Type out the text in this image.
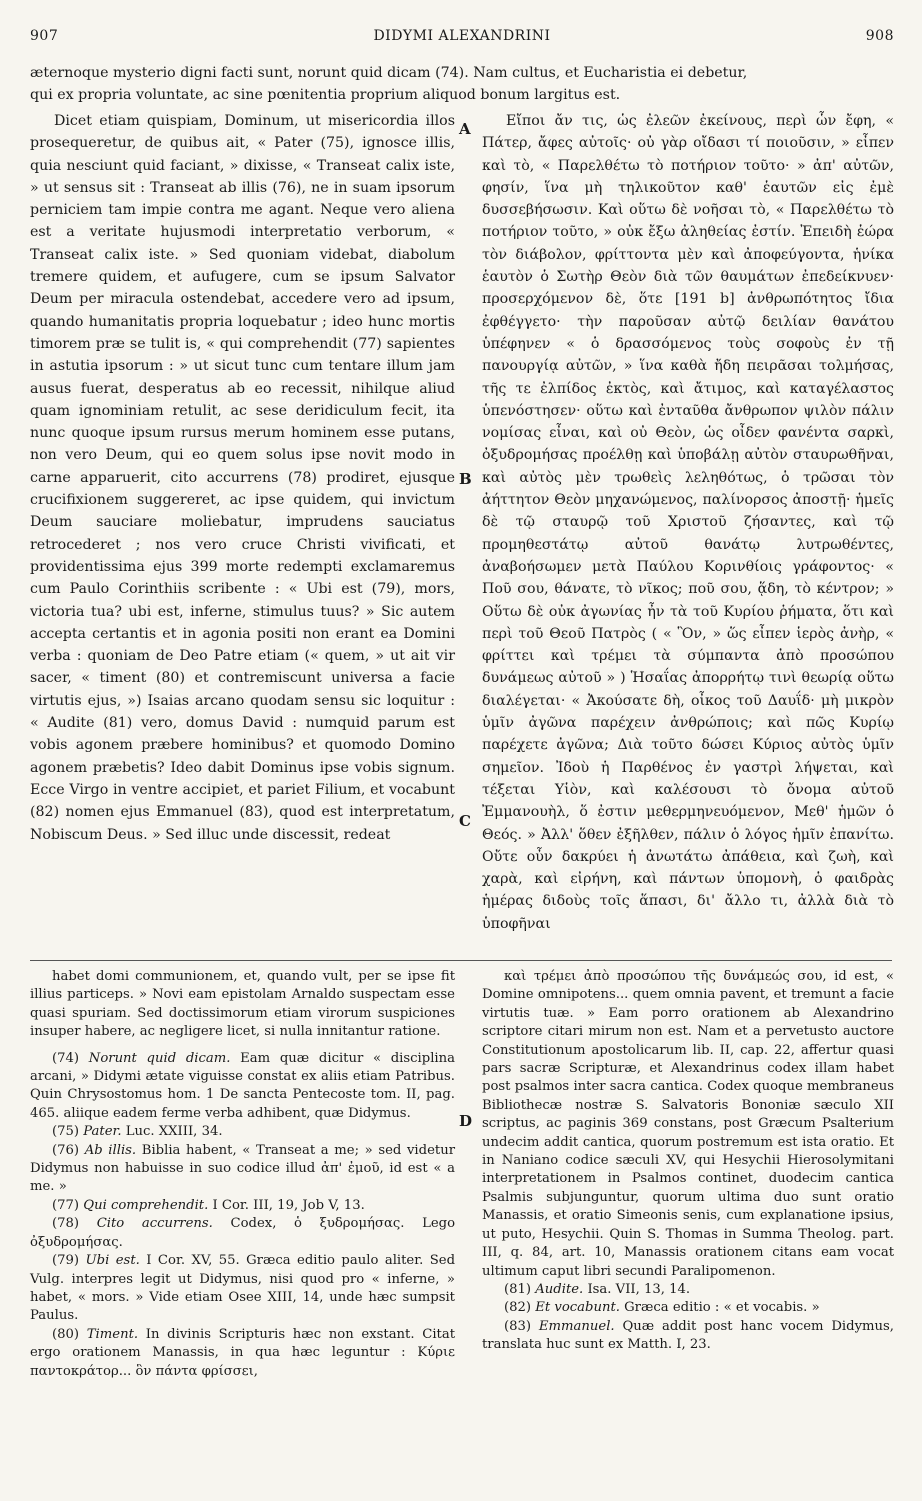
907	DIDYMI ALEXANDRINI	908
æternoque mysterio digni facti sunt, norunt quid dicam (74). Nam cultus, et Eucharistia ei debetur,
qui ex propria voluntate, ac sine pœnitentia proprium aliquod bonum largitus est.

Dicet etiam quispiam, Dominum, ut misericordia illos prosequeretur, de quibus ait, « Pater (75), ignosce illis, quia nesciunt quid faciant, » dixisse, « Transeat calix iste, » ut sensus sit : Transeat ab illis (76), ne in suam ipsorum perniciem tam impie contra me agant. Neque vero aliena est a veritate hujusmodi interpretatio verborum, « Transeat calix iste. » Sed quoniam videbat, diabolum tremere quidem, et aufugere, cum se ipsum Salvator Deum per miracula ostendebat, accedere vero ad ipsum, quando humanitatis propria loquebatur ; ideo hunc mortis timorem præ se tulit is, « qui comprehendit (77) sapientes in astutia ipsorum : » ut sicut tunc cum tentare illum jam ausus fuerat, desperatus ab eo recessit, nihilque aliud quam ignominiam retulit, ac sese deridiculum fecit, ita nunc quoque ipsum rursus merum hominem esse putans, non vero Deum, qui eo quem solus ipse novit modo in carne apparuerit, cito accurrens (78) prodiret, ejusque crucifixionem suggereret, ac ipse quidem, qui invictum Deum sauciare moliebatur, imprudens sauciatus retrocederet ; nos vero cruce Christi vivificati, et providentissima ejus 399 morte redempti exclamaremus cum Paulo Corinthiis scribente : « Ubi est (79), mors, victoria tua? ubi est, inferne, stimulus tuus? » Sic autem accepta certantis et in agonia positi non erant ea Domini verba : quoniam de Deo Patre etiam (« quem, » ut ait vir sacer, « timent (80) et contremiscunt universa a facie virtutis ejus, ») Isaias arcano quodam sensu sic loquitur : « Audite (81) vero, domus David : numquid parum est vobis agonem præbere hominibus? et quomodo Domino agonem præbetis? Ideo dabit Dominus ipse vobis signum. Ecce Virgo in ventre accipiet, et pariet Filium, et vocabunt (82) nomen ejus Emmanuel (83), quod est interpretatum, Nobiscum Deus. » Sed illuc unde discessit, redeat

A
B
C
D

Εἴποι ἄν τις, ὡς ἐλεῶν ἐκείνους, περὶ ὧν ἔφη, « Πάτερ, ἄφες αὐτοῖς· οὐ γὰρ οἴδασι τί ποιοῦσιν, » εἶπεν καὶ τὸ, « Παρελθέτω τὸ ποτήριον τοῦτο· » ἀπ' αὐτῶν, φησίν, ἵνα μὴ τηλικοῦτον καθ' ἑαυτῶν εἰς ἐμὲ δυσσεβήσωσιν. Καὶ οὕτω δὲ νοῆσαι τὸ, « Παρελθέτω τὸ ποτήριον τοῦτο, » οὐκ ἔξω ἀληθείας ἐστίν. Ἐπειδὴ ἑώρα τὸν διάβολον, φρίττοντα μὲν καὶ ἀποφεύγοντα, ἡνίκα ἑαυτὸν ὁ Σωτὴρ Θεὸν διὰ τῶν θαυμάτων ἐπεδείκνυεν· προσερχόμενον δὲ, ὅτε [191 b] ἀνθρωπότητος ἴδια ἐφθέγγετο· τὴν παροῦσαν αὐτῷ δειλίαν θανάτου ὑπέφηνεν « ὁ δρασσόμενος τοὺς σοφοὺς ἐν τῇ πανουργίᾳ αὐτῶν, » ἵνα καθὰ ἤδη πειρᾶσαι τολμήσας, τῆς τε ἐλπίδος ἐκτὸς, καὶ ἄτιμος, καὶ καταγέλαστος ὑπενόστησεν· οὕτω καὶ ἐνταῦθα ἄνθρωπον ψιλὸν πάλιν νομίσας εἶναι, καὶ οὐ Θεὸν, ὡς οἶδεν φανέντα σαρκὶ, ὀξυδρομήσας προέλθῃ καὶ ὑποβάλῃ αὐτὸν σταυρωθῆναι, καὶ αὐτὸς μὲν τρωθεὶς λεληθότως, ὁ τρῶσαι τὸν ἀήττητον Θεὸν μηχανώμενος, παλίνορσος ἀποστῇ· ἡμεῖς δὲ τῷ σταυρῷ τοῦ Χριστοῦ ζήσαντες, καὶ τῷ προμηθεστάτῳ αὐτοῦ θανάτῳ λυτρωθέντες, ἀναβοήσωμεν μετὰ Παύλου Κορινθίοις γράφοντος· « Ποῦ σου, θάνατε, τὸ νῖκος; ποῦ σου, ᾅδη, τὸ κέντρον; » Οὕτω δὲ οὐκ ἀγωνίας ἦν τὰ τοῦ Κυρίου ῥήματα, ὅτι καὶ περὶ τοῦ Θεοῦ Πατρὸς ( « Ὃν, » ὥς εἶπεν ἱερὸς ἀνὴρ, « φρίττει καὶ τρέμει τὰ σύμπαντα ἀπὸ προσώπου δυνάμεως αὐτοῦ » ) Ἡσαΐας ἀπορρήτῳ τινὶ θεωρίᾳ οὕτω διαλέγεται· « Ἀκούσατε δὴ, οἶκος τοῦ Δαυΐδ· μὴ μικρὸν ὑμῖν ἀγῶνα παρέχειν ἀνθρώποις; καὶ πῶς Κυρίῳ παρέχετε ἀγῶνα; Διὰ τοῦτο δώσει Κύριος αὐτὸς ὑμῖν σημεῖον. Ἰδοὺ ἡ Παρθένος ἐν γαστρὶ λήψεται, καὶ τέξεται Υἱὸν, καὶ καλέσουσι τὸ ὄνομα αὐτοῦ Ἐμμανουὴλ, ὅ ἐστιν μεθερμηνευόμενον, Μεθ' ἡμῶν ὁ Θεός. » Ἀλλ' ὅθεν ἐξῆλθεν, πάλιν ὁ λόγος ἡμῖν ἐπανίτω. Οὔτε οὖν δακρύει ἡ ἀνωτάτω ἀπάθεια, καὶ ζωὴ, καὶ χαρὰ, καὶ εἰρήνη, καὶ πάντων ὑπομονὴ, ὁ φαιδρὰς ἡμέρας διδοὺς τοῖς ἅπασι, δι' ἄλλο τι, ἀλλὰ διὰ τὸ ὑποφῆναι

habet domi communionem, et, quando vult, per se ipse fit illius particeps. » Novi eam epistolam Arnaldo suspectam esse quasi spuriam. Sed doctissimorum etiam virorum suspiciones insuper habere, ac negligere licet, si nulla innitantur ratione.

(74) Norunt quid dicam. Eam quæ dicitur « disciplina arcani, » Didymi ætate viguisse constat ex aliis etiam Patribus. Quin Chrysostomus hom. 1 De sancta Pentecoste tom. II, pag. 465. aliique eadem ferme verba adhibent, quæ Didymus.

(75) Pater. Luc. XXIII, 34.

(76) Ab illis. Biblia habent, « Transeat a me; » sed videtur Didymus non habuisse in suo codice illud ἀπ' ἐμοῦ, id est « a me. »

(77) Qui comprehendit. I Cor. III, 19, Job V, 13.

(78) Cito accurrens. Codex, ὁ ξυδρομήσας. Lego ὀξυδρομήσας.

(79) Ubi est. I Cor. XV, 55. Græca editio paulo aliter. Sed Vulg. interpres legit ut Didymus, nisi quod pro « inferne, » habet, « mors. » Vide etiam Osee XIII, 14, unde hæc sumpsit Paulus.

(80) Timent. In divinis Scripturis hæc non exstant. Citat ergo orationem Manassis, in qua hæc leguntur : Κύριε παντοκράτορ... ὃν πάντα φρίσσει,

καὶ τρέμει ἀπὸ προσώπου τῆς δυνάμεώς σου, id est, « Domine omnipotens... quem omnia pavent, et tremunt a facie virtutis tuæ. » Eam porro orationem ab Alexandrino scriptore citari mirum non est. Nam et a pervetusto auctore Constitutionum apostolicarum lib. II, cap. 22, affertur quasi pars sacræ Scripturæ, et Alexandrinus codex illam habet post psalmos inter sacra cantica. Codex quoque membraneus Bibliothecæ nostræ S. Salvatoris Bononiæ sæculo XII scriptus, ac paginis 369 constans, post Græcum Psalterium undecim addit cantica, quorum postremum est ista oratio. Et in Naniano codice sæculi XV, qui Hesychii Hierosolymitani interpretationem in Psalmos continet, duodecim cantica Psalmis subjunguntur, quorum ultima duo sunt oratio Manassis, et oratio Simeonis senis, cum explanatione ipsius, ut puto, Hesychii. Quin S. Thomas in Summa Theolog. part. III, q. 84, art. 10, Manassis orationem citans eam vocat ultimum caput libri secundi Paralipomenon.

(81) Audite. Isa. VII, 13, 14.

(82) Et vocabunt. Græca editio : « et vocabis. »

(83) Emmanuel. Quæ addit post hanc vocem Didymus, translata huc sunt ex Matth. I, 23.
